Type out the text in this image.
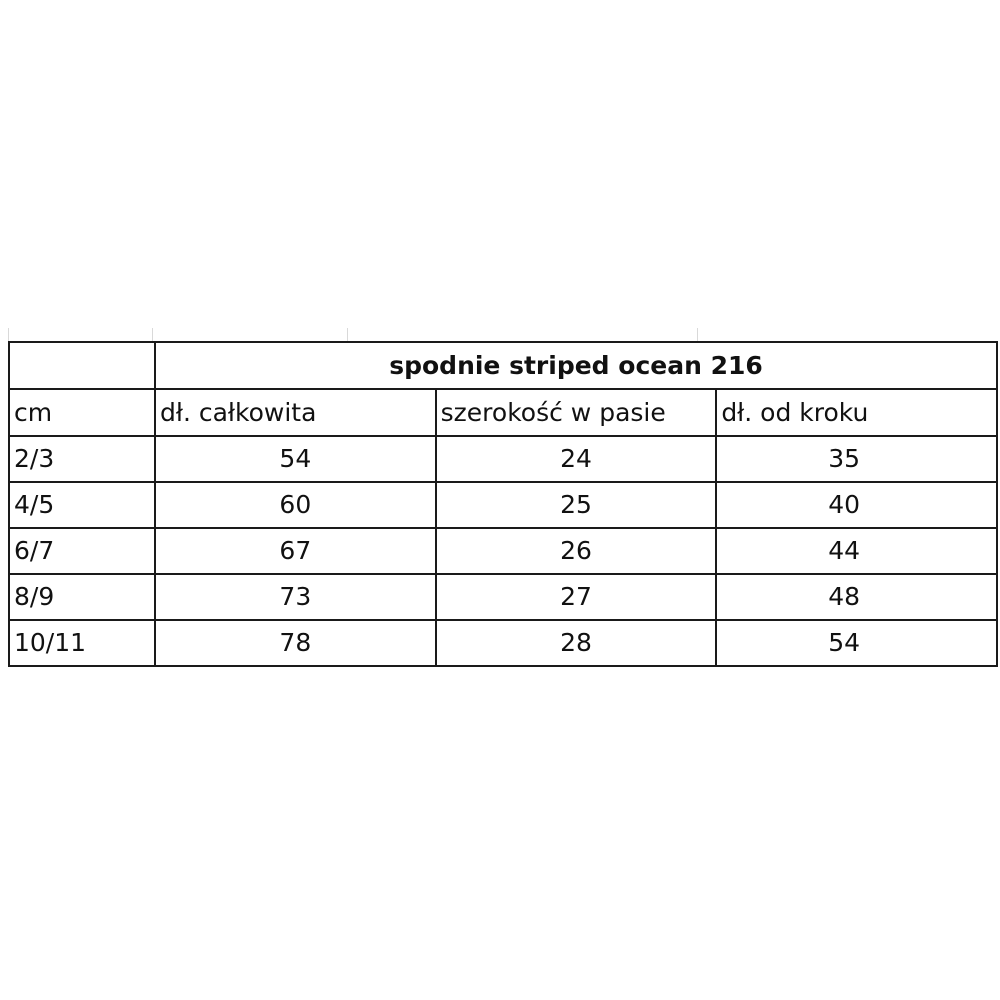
	spodnie striped ocean 216		
cm	dł. całkowita	szerokość w pasie	dł. od kroku
2/3	54	24	35
4/5	60	25	40
6/7	67	26	44
8/9	73	27	48
10/11	78	28	54
